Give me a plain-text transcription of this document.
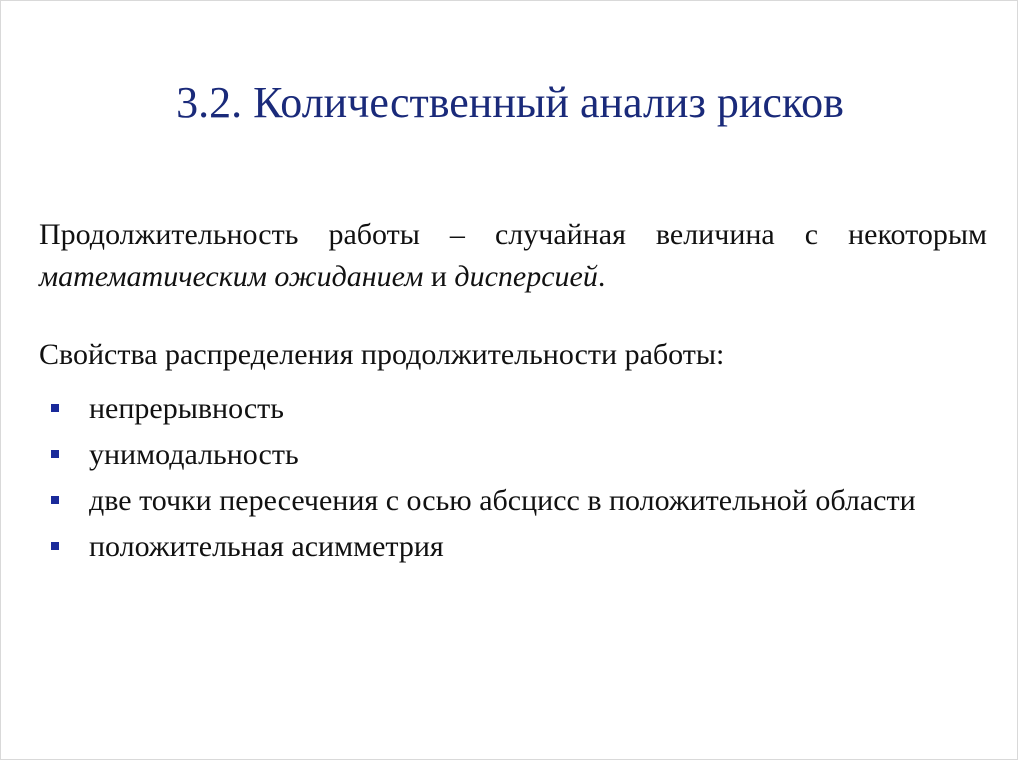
3.2. Количественный анализ рисков

Продолжительность работы – случайная величина с некоторым математическим ожиданием и дисперсией.

Свойства распределения продолжительности работы:

непрерывность
унимодальность
две точки пересечения с осью абсцисс в положительной области
положительная асимметрия
